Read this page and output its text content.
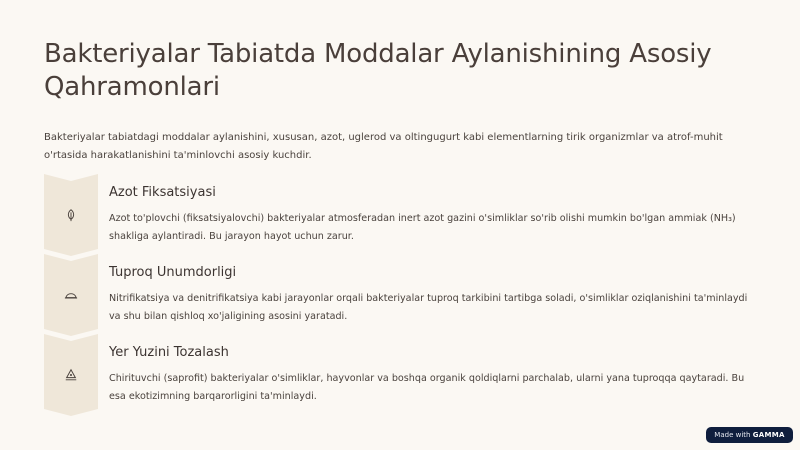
Bakteriyalar Tabiatda Moddalar Aylanishining Asosiy Qahramonlari

Bakteriyalar tabiatdagi moddalar aylanishini, xususan, azot, uglerod va oltingugurt kabi elementlarning tirik organizmlar va atrof-muhit o'rtasida harakatlanishini ta'minlovchi asosiy kuchdir.

Azot Fiksatsiyasi

Azot to'plovchi (fiksatsiyalovchi) bakteriyalar atmosferadan inert azot gazini o'simliklar so'rib olishi mumkin bo'lgan ammiak (NH₃) shakliga aylantiradi. Bu jarayon hayot uchun zarur.

Tuproq Unumdorligi

Nitrifikatsiya va denitrifikatsiya kabi jarayonlar orqali bakteriyalar tuproq tarkibini tartibga soladi, o'simliklar oziqlanishini ta'minlaydi va shu bilan qishloq xo'jaligining asosini yaratadi.

Yer Yuzini Tozalash

Chirituvchi (saprofit) bakteriyalar o'simliklar, hayvonlar va boshqa organik qoldiqlarni parchalab, ularni yana tuproqqa qaytaradi. Bu esa ekotizimning barqarorligini ta'minlaydi.

Made with GAMMA
